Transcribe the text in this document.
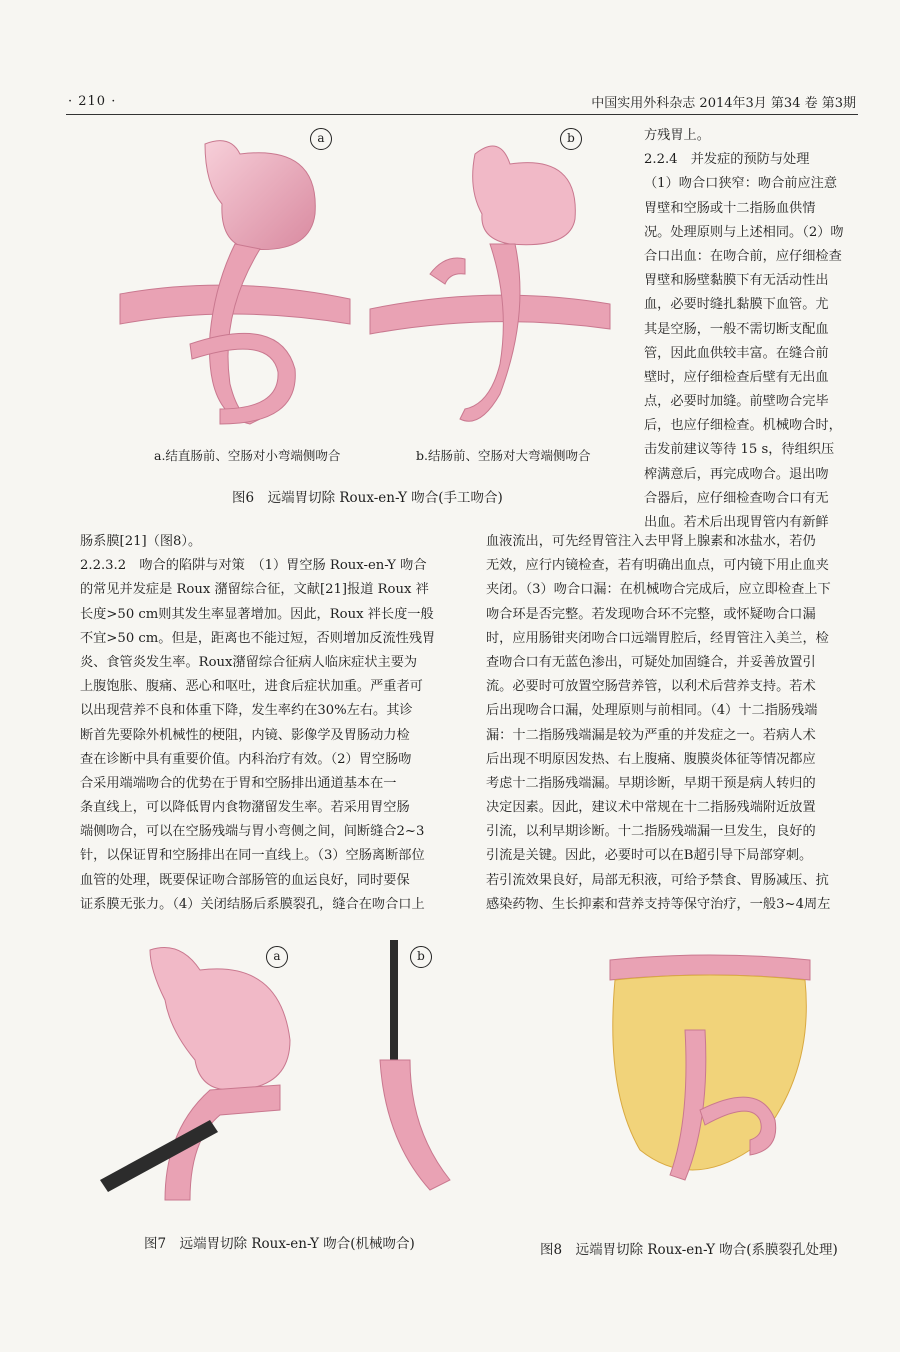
· 210 ·	中国实用外科杂志 2014年3月 第34 卷 第3期
a	b
a.结直肠前、空肠对小弯端侧吻合	b.结肠前、空肠对大弯端侧吻合
图6　远端胃切除 Roux-en-Y 吻合(手工吻合)
方残胃上。
2.2.4　并发症的预防与处理
（1）吻合口狭窄：吻合前应注意
胃壁和空肠或十二指肠血供情
况。处理原则与上述相同。（2）吻
合口出血：在吻合前，应仔细检查
胃壁和肠壁黏膜下有无活动性出
血，必要时缝扎黏膜下血管。尤
其是空肠，一般不需切断支配血
管，因此血供较丰富。在缝合前
壁时，应仔细检查后壁有无出血
点，必要时加缝。前壁吻合完毕
后，也应仔细检查。机械吻合时，
击发前建议等待 15 s，待组织压
榨满意后，再完成吻合。退出吻
合器后，应仔细检查吻合口有无
出血。若术后出现胃管内有新鲜
肠系膜[21]（图8）。
2.2.3.2　吻合的陷阱与对策　（1）胃空肠 Roux-en-Y 吻合
的常见并发症是 Roux 潴留综合征，文献[21]报道 Roux 袢
长度>50 cm则其发生率显著增加。因此，Roux 袢长度一般
不宜>50 cm。但是，距离也不能过短，否则增加反流性残胃
炎、食管炎发生率。Roux潴留综合征病人临床症状主要为
上腹饱胀、腹痛、恶心和呕吐，进食后症状加重。严重者可
以出现营养不良和体重下降，发生率约在30%左右。其诊
断首先要除外机械性的梗阻，内镜、影像学及胃肠动力检
查在诊断中具有重要价值。内科治疗有效。（2）胃空肠吻
合采用端端吻合的优势在于胃和空肠排出通道基本在一
条直线上，可以降低胃内食物潴留发生率。若采用胃空肠
端侧吻合，可以在空肠残端与胃小弯侧之间，间断缝合2~3
针，以保证胃和空肠排出在同一直线上。（3）空肠离断部位
血管的处理，既要保证吻合部肠管的血运良好，同时要保
证系膜无张力。（4）关闭结肠后系膜裂孔，缝合在吻合口上
血液流出，可先经胃管注入去甲肾上腺素和冰盐水，若仍
无效，应行内镜检查，若有明确出血点，可内镜下用止血夹
夹闭。（3）吻合口漏：在机械吻合完成后，应立即检查上下
吻合环是否完整。若发现吻合环不完整，或怀疑吻合口漏
时，应用肠钳夹闭吻合口远端胃腔后，经胃管注入美兰，检
查吻合口有无蓝色渗出，可疑处加固缝合，并妥善放置引
流。必要时可放置空肠营养管，以利术后营养支持。若术
后出现吻合口漏，处理原则与前相同。（4）十二指肠残端
漏：十二指肠残端漏是较为严重的并发症之一。若病人术
后出现不明原因发热、右上腹痛、腹膜炎体征等情况都应
考虑十二指肠残端漏。早期诊断，早期干预是病人转归的
决定因素。因此，建议术中常规在十二指肠残端附近放置
引流，以利早期诊断。十二指肠残端漏一旦发生，良好的
引流是关键。因此，必要时可以在B超引导下局部穿刺。
若引流效果良好，局部无积液，可给予禁食、胃肠减压、抗
感染药物、生长抑素和营养支持等保守治疗，一般3~4周左
a	b
图7　远端胃切除 Roux-en-Y 吻合(机械吻合)	图8　远端胃切除 Roux-en-Y 吻合(系膜裂孔处理)
